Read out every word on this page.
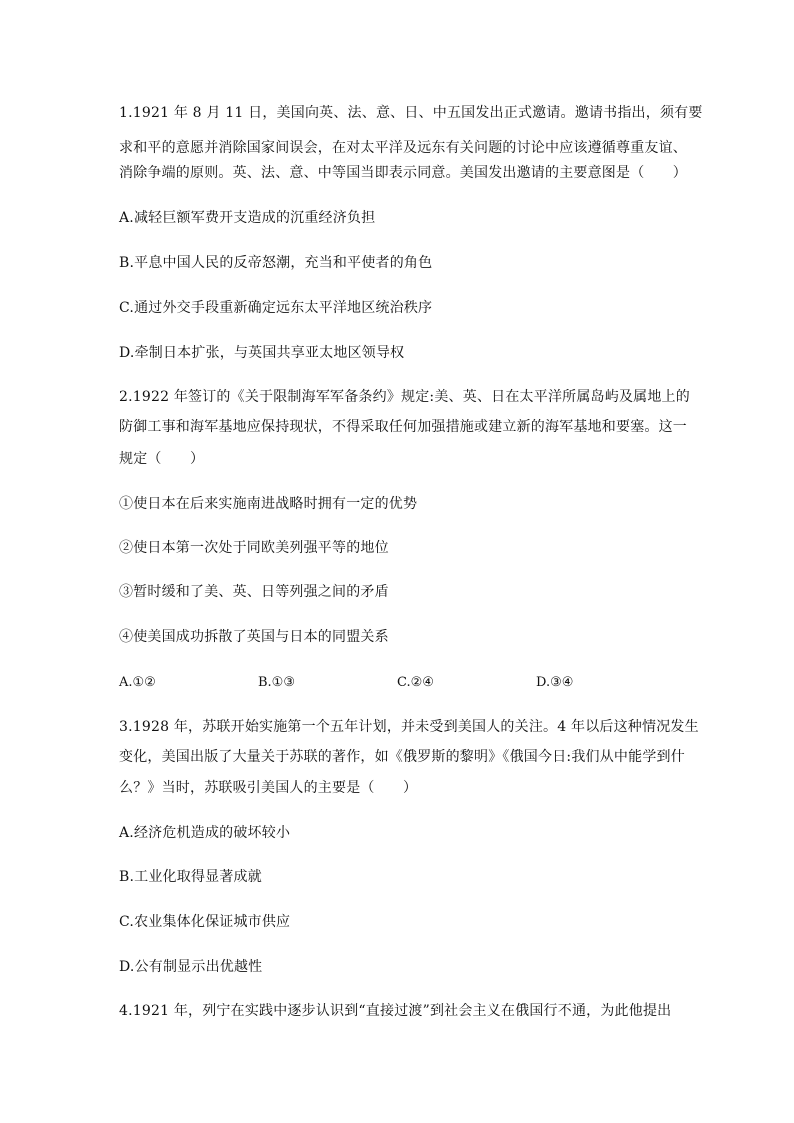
1.1921 年 8 月 11 日，美国向英、法、意、日、中五国发出正式邀请。邀请书指出，须有要
求和平的意愿并消除国家间误会，在对太平洋及远东有关问题的讨论中应该遵循尊重友谊、
消除争端的原则。英、法、意、中等国当即表示同意。美国发出邀请的主要意图是（　　）
A.减轻巨额军费开支造成的沉重经济负担
B.平息中国人民的反帝怒潮，充当和平使者的角色
C.通过外交手段重新确定远东太平洋地区统治秩序
D.牵制日本扩张，与英国共享亚太地区领导权
2.1922 年签订的《关于限制海军军备条约》规定:美、英、日在太平洋所属岛屿及属地上的
防御工事和海军基地应保持现状，不得采取任何加强措施或建立新的海军基地和要塞。这一
规定（　　）
①使日本在后来实施南进战略时拥有一定的优势
②使日本第一次处于同欧美列强平等的地位
③暂时缓和了美、英、日等列强之间的矛盾
④使美国成功拆散了英国与日本的同盟关系
A.①②	B.①③	C.②④	D.③④
3.1928 年，苏联开始实施第一个五年计划，并未受到美国人的关注。4 年以后这种情况发生
变化，美国出版了大量关于苏联的著作，如《俄罗斯的黎明》《俄国今日:我们从中能学到什
么？》当时，苏联吸引美国人的主要是（　　）
A.经济危机造成的破坏较小
B.工业化取得显著成就
C.农业集体化保证城市供应
D.公有制显示出优越性
4.1921 年，列宁在实践中逐步认识到“直接过渡”到社会主义在俄国行不通，为此他提出
